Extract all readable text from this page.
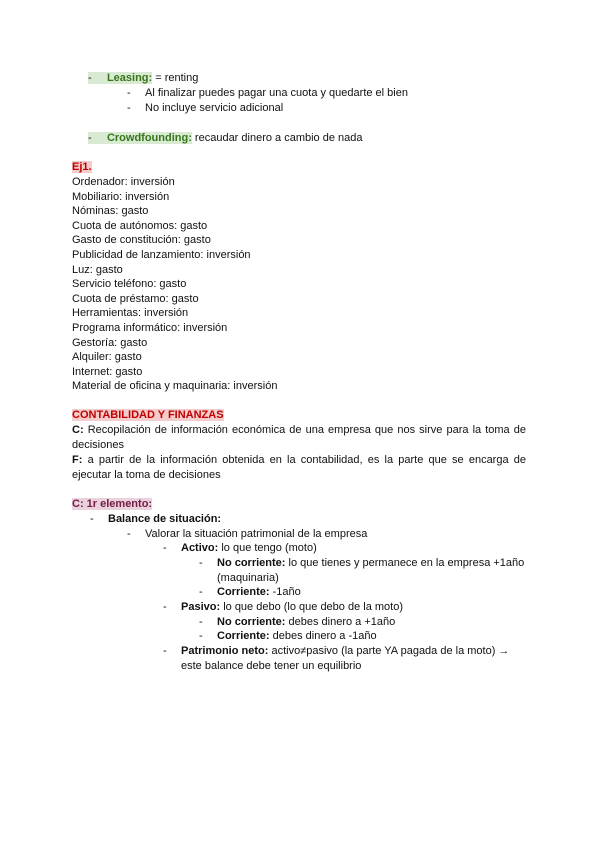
- Leasing: = renting
- Al finalizar puedes pagar una cuota y quedarte el bien
- No incluye servicio adicional
- Crowdfounding: recaudar dinero a cambio de nada
Ej1.
Ordenador: inversión
Mobiliario: inversión
Nóminas: gasto
Cuota de autónomos: gasto
Gasto de constitución: gasto
Publicidad de lanzamiento: inversión
Luz: gasto
Servicio teléfono: gasto
Cuota de préstamo: gasto
Herramientas: inversión
Programa informático: inversión
Gestoría: gasto
Alquiler: gasto
Internet: gasto
Material de oficina y maquinaria: inversión
CONTABILIDAD Y FINANZAS
C: Recopilación de información económica de una empresa que nos sirve para la toma de decisiones
F: a partir de la información obtenida en la contabilidad, es la parte que se encarga de ejecutar la toma de decisiones
C: 1r elemento:
- Balance de situación:
- Valorar la situación patrimonial de la empresa
- Activo: lo que tengo (moto)
- No corriente: lo que tienes y permanece en la empresa +1año
(maquinaria)
- Corriente: -1año
- Pasivo: lo que debo (lo que debo de la moto)
- No corriente: debes dinero a +1año
- Corriente: debes dinero a -1año
- Patrimonio neto: activo≠pasivo (la parte YA pagada de la moto) →
este balance debe tener un equilibrio
